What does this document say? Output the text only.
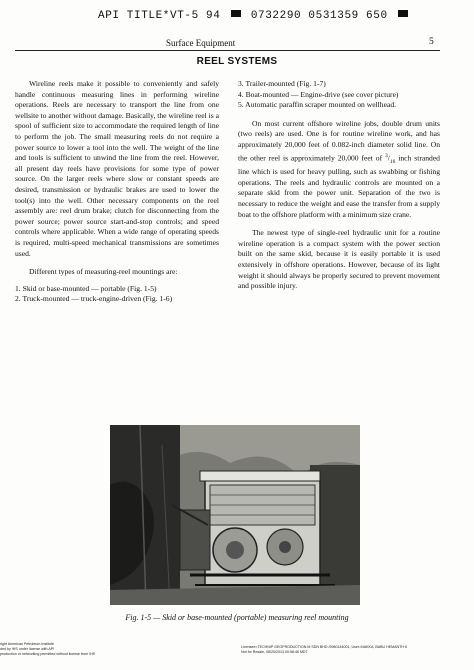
API TITLE*VT-5 94	0732290 0531359 650
Surface Equipment	5
REEL SYSTEMS

Wireline reels make it possible to conveniently and safely handle continuous measuring lines in performing wireline operations. Reels are necessary to transport the line from one wellsite to another without damage. Basically, the wireline reel is a spool of sufficient size to accommodate the required length of line to perform the job. The small measuring reels do not require a power source to lower a tool into the well. The weight of the line and tools is sufficient to unwind the line from the reel. However, all present day reels have provisions for some type of power source. On the larger reels where slow or constant speeds are desired, transmission or hydraulic brakes are used to lower the tool(s) into the well. Other necessary components on the reel assembly are: reel drum brake; clutch for disconnecting from the power source; power source start-and-stop controls; and speed controls where applicable. When a wide range of operating speeds is required, multi-speed mechanical transmissions are sometimes used.

Different types of measuring-reel mountings are:

1. Skid or base-mounted — portable (Fig. 1-5)
2. Truck-mounted — truck-engine-driven (Fig. 1-6)
3. Trailer-mounted (Fig. 1-7)
4. Boat-mounted — Engine-drive (see cover picture)
5. Automatic paraffin scraper mounted on wellhead.

On most current offshore wireline jobs, double drum units (two reels) are used. One is for routine wireline work, and has approximately 20,000 feet of 0.082-inch diameter solid line. On the other reel is approximately 20,000 feet of $^3/_{16}$ inch stranded line which is used for heavy pulling, such as swabbing or fishing operations. The reels and hydraulic controls are mounted on a separate skid from the power unit. Separation of the two is necessary to reduce the weight and ease the transfer from a supply boat to the offshore platform with a minimum size crane.

The newest type of single-reel hydraulic unit for a routine wireline operation is a compact system with the power section built on the same skid, because it is easily portable it is used extensively in offshore operations. However, because of its light weight it should always be properly secured to prevent movement and possible injury.

Fig. 1-5 — Skid or base-mounted (portable) measuring reel mounting
right American Petroleum Institute
ded by IHS under license with API
production or networking permitted without license from IHS
Licensee=TECHNIP GEOPRODUCTION M SDN BHD /5960144001, User=NAKKA, BABU HEMANTH K
Not for Resale, 08/20/2013 00:58:46 MDT
